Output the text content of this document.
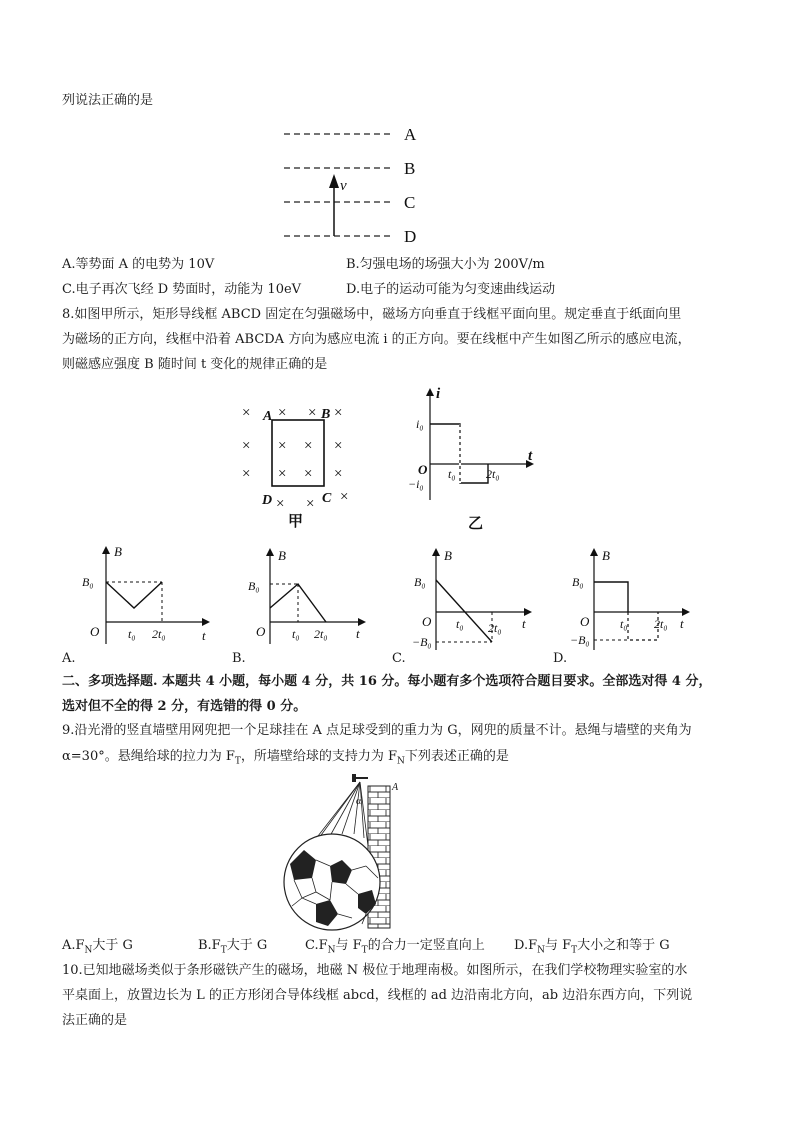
列说法正确的是
v
A
B
C
D
A.等势面 A 的电势为 10V	B.匀强电场的场强大小为 200V/m
C.电子再次飞经 D 势面时，动能为 10eV	D.电子的运动可能为匀变速曲线运动
8.如图甲所示，矩形导线框 ABCD 固定在匀强磁场中，磁场方向垂直于线框平面向里。规定垂直于纸面向里
为磁场的正方向，线框中沿着 ABCDA 方向为感应电流 i 的正方向。要在线框中产生如图乙所示的感应电流，
则磁感应强度 B 随时间 t 变化的规律正确的是
× × × ×
× × × ×
× × × ×
× × ×
A	B
C
D
甲
i
t
O
i₀
−i₀
t₀	2t₀
乙
B
t
O
B₀
t₀ 2t₀
B
t
O
B₀
t₀ 2t₀
B
t
O
B₀
−B₀
t₀ 2t₀
B
t
O
B₀
−B₀
t₀ 2t₀
A.	B.	C.	D.
二、多项选择题. 本题共 4 小题，每小题 4 分，共 16 分。每小题有多个选项符合题目要求。全部选对得 4 分，
选对但不全的得 2 分，有选错的得 0 分。
9.沿光滑的竖直墙壁用网兜把一个足球挂在 A 点足球受到的重力为 G，网兜的质量不计。悬绳与墙壁的夹角为
α=30°。悬绳给球的拉力为 $F_T$，所墙壁给球的支持力为 $F_N$下列表述正确的是
A
α
$A.F_N$大于 G	$B.F_T$大于 G	$C.F_N$与 $F_T$的合力一定竖直向上 $D.F_N$与 $F_T$大小之和等于 G
10.已知地磁场类似于条形磁铁产生的磁场，地磁 N 极位于地理南极。如图所示，在我们学校物理实验室的水
平桌面上，放置边长为 L 的正方形闭合导体线框 abcd，线框的 ad 边沿南北方向，ab 边沿东西方向，下列说
法正确的是
